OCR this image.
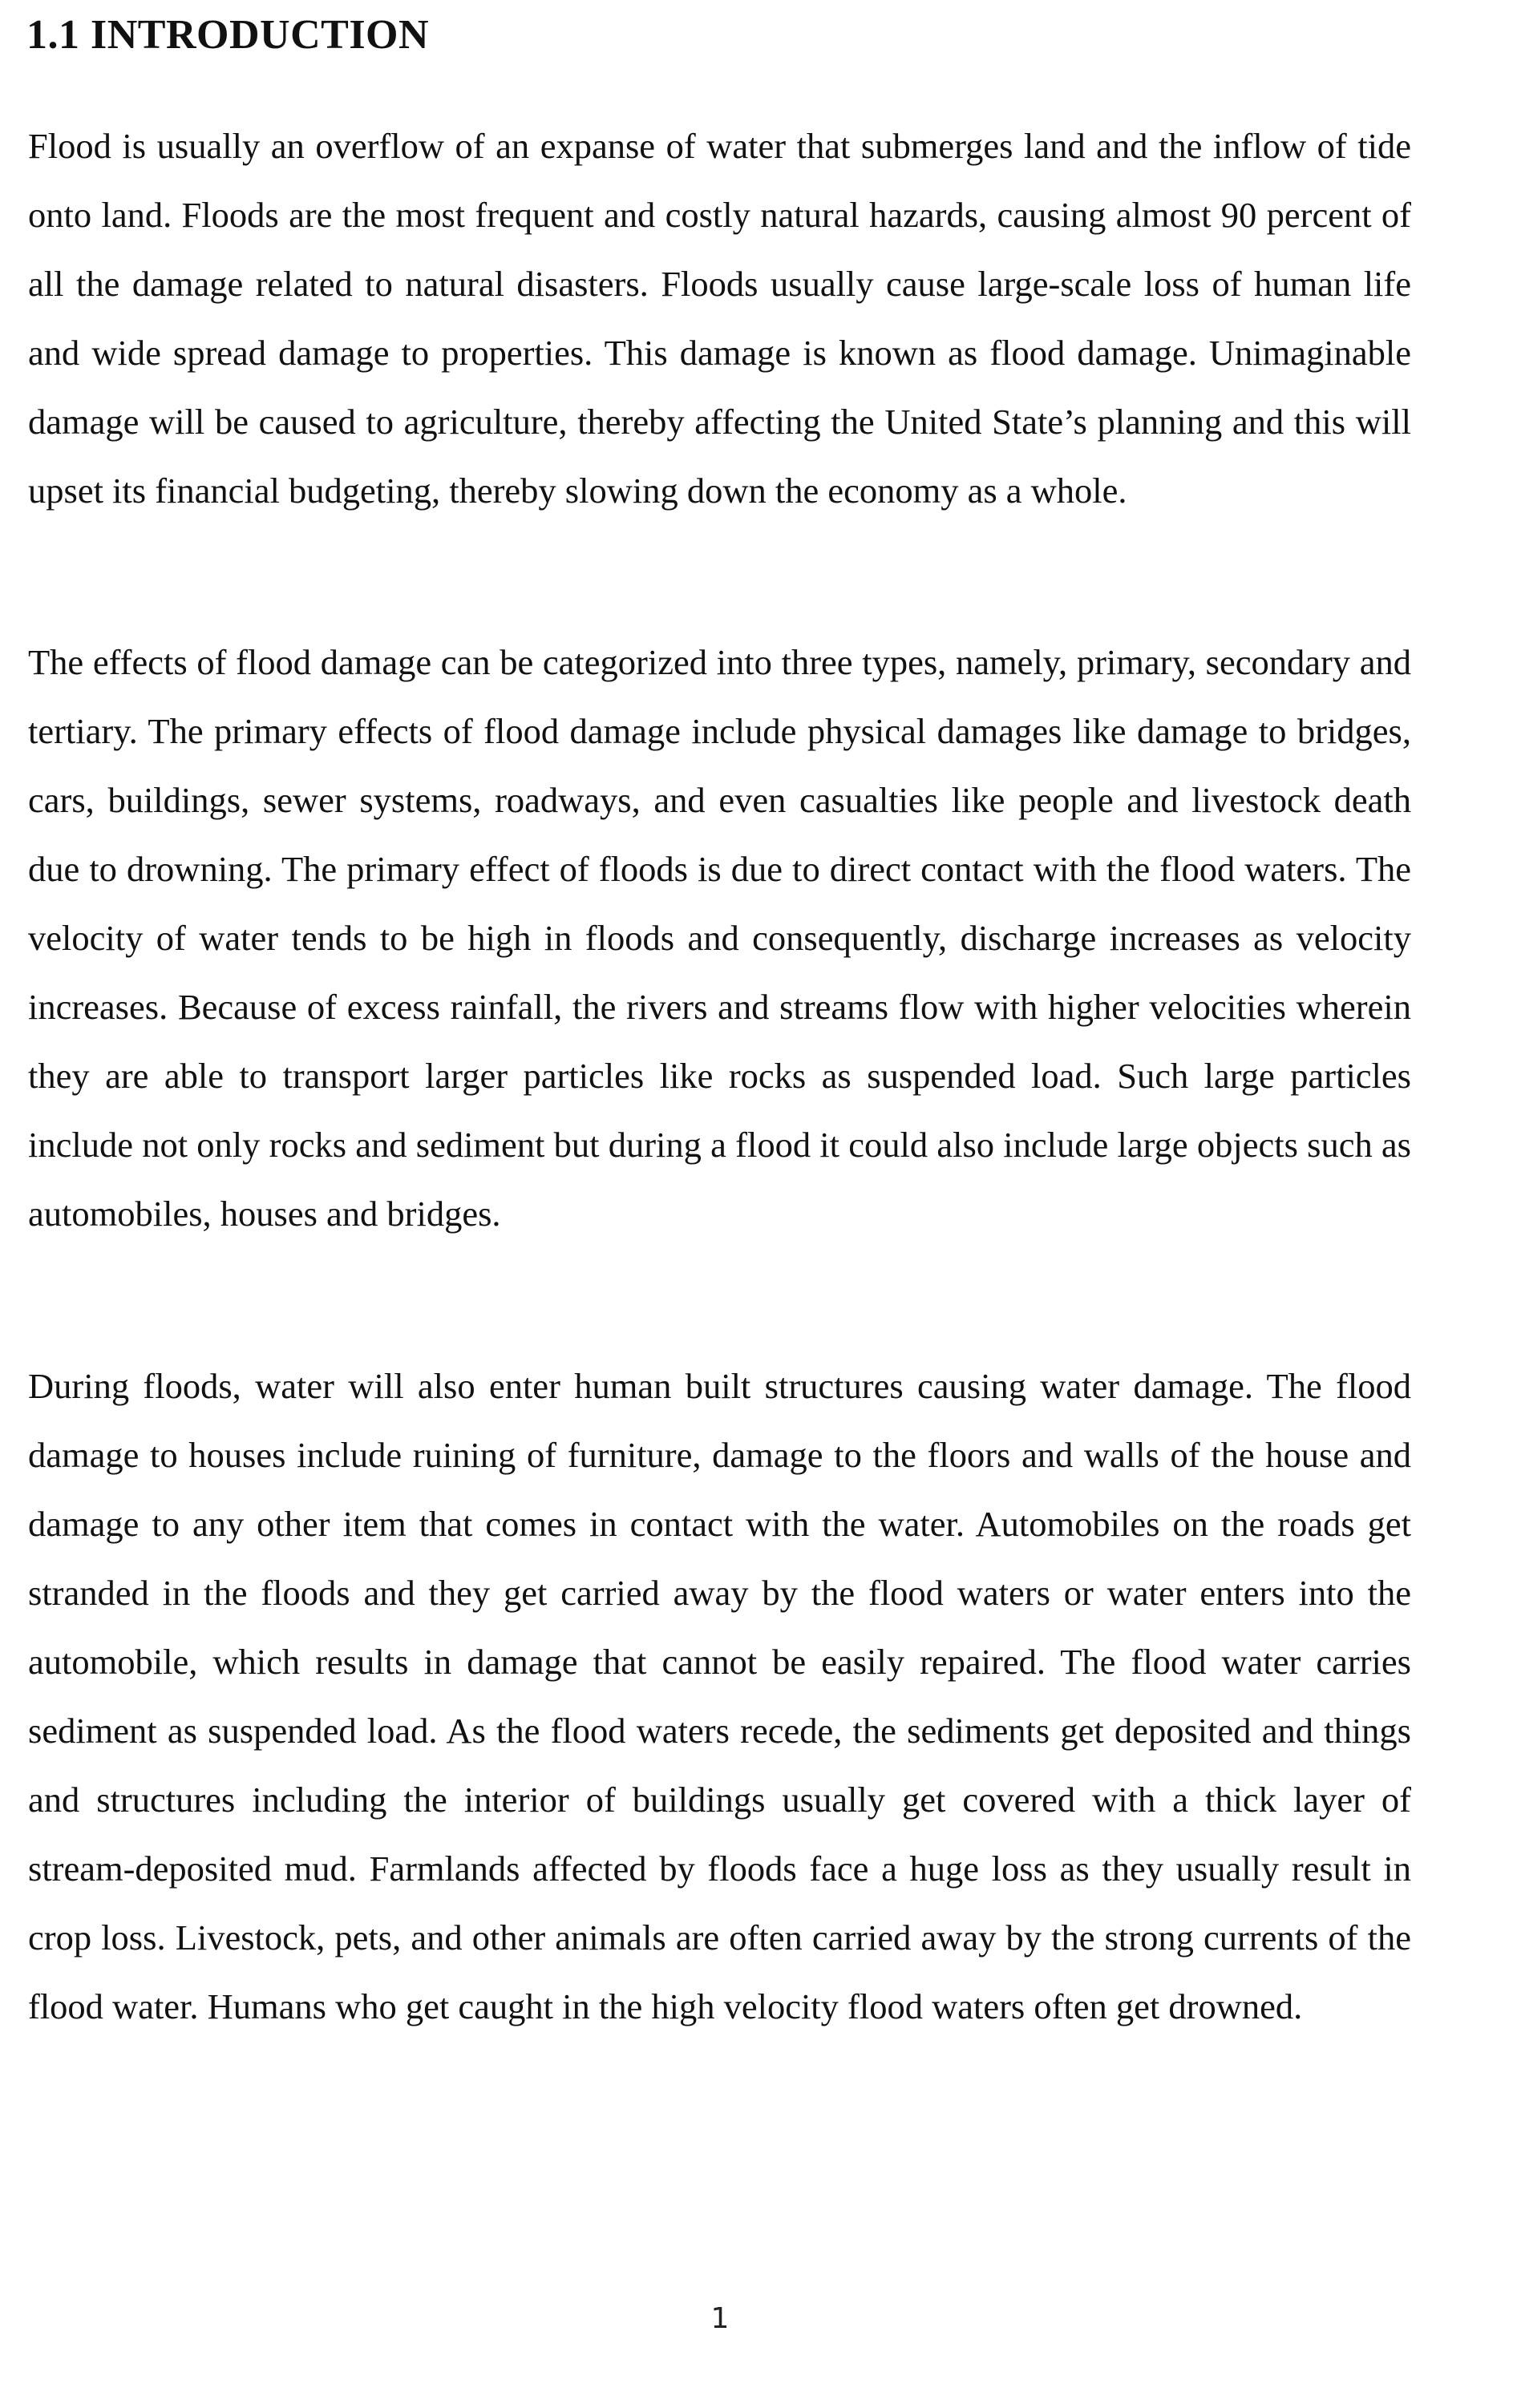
1.1 INTRODUCTION

Flood is usually an overflow of an expanse of water that submerges land and the inflow of tide onto land. Floods are the most frequent and costly natural hazards, causing almost 90 percent of all the damage related to natural disasters. Floods usually cause large-scale loss of human life and wide spread damage to properties. This damage is known as flood damage. Unimaginable damage will be caused to agriculture, thereby affecting the United State’s planning and this will upset its financial budgeting, thereby slowing down the economy as a whole.

The effects of flood damage can be categorized into three types, namely, primary, secondary and tertiary. The primary effects of flood damage include physical damages like damage to bridges, cars, buildings, sewer systems, roadways, and even casualties like people and livestock death due to drowning. The primary effect of floods is due to direct contact with the flood waters. The velocity of water tends to be high in floods and consequently, discharge increases as velocity increases. Because of excess rainfall, the rivers and streams flow with higher velocities wherein they are able to transport larger particles like rocks as suspended load. Such large particles include not only rocks and sediment but during a flood it could also include large objects such as automobiles, houses and bridges.

During floods, water will also enter human built structures causing water damage. The flood damage to houses include ruining of furniture, damage to the floors and walls of the house and damage to any other item that comes in contact with the water. Automobiles on the roads get stranded in the floods and they get carried away by the flood waters or water enters into the automobile, which results in damage that cannot be easily repaired. The flood water carries sediment as suspended load. As the flood waters recede, the sediments get deposited and things and structures including the interior of buildings usually get covered with a thick layer of stream-deposited mud. Farmlands affected by floods face a huge loss as they usually result in crop loss. Livestock, pets, and other animals are often carried away by the strong currents of the flood water. Humans who get caught in the high velocity flood waters often get drowned.

1
